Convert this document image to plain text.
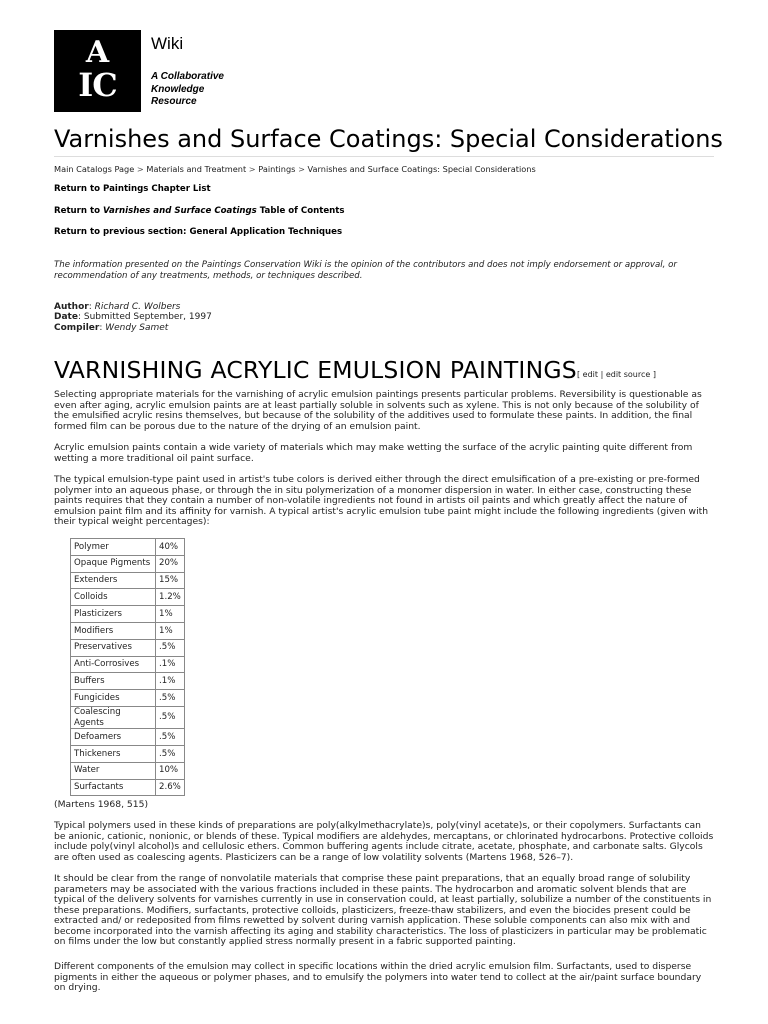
A
IC
Wiki
A Collaborative
Knowledge
Resource
Varnishes and Surface Coatings: Special Considerations
Main Catalogs Page > Materials and Treatment > Paintings > Varnishes and Surface Coatings: Special Considerations
Return to Paintings Chapter List
Return to Varnishes and Surface Coatings Table of Contents
Return to previous section: General Application Techniques
The information presented on the Paintings Conservation Wiki is the opinion of the contributors and does not imply endorsement or approval, or recommendation of any treatments, methods, or techniques described.
Author: Richard C. Wolbers
Date: Submitted September, 1997
Compiler: Wendy Samet
VARNISHING ACRYLIC EMULSION PAINTINGS [ edit | edit source ]
Selecting appropriate materials for the varnishing of acrylic emulsion paintings presents particular problems. Reversibility is questionable as even after aging, acrylic emulsion paints are at least partially soluble in solvents such as xylene. This is not only because of the solubility of the emulsified acrylic resins themselves, but because of the solubility of the additives used to formulate these paints. In addition, the final formed film can be porous due to the nature of the drying of an emulsion paint.
Acrylic emulsion paints contain a wide variety of materials which may make wetting the surface of the acrylic painting quite different from wetting a more traditional oil paint surface.
The typical emulsion-type paint used in artist's tube colors is derived either through the direct emulsification of a pre-existing or pre-formed polymer into an aqueous phase, or through the in situ polymerization of a monomer dispersion in water. In either case, constructing these paints requires that they contain a number of non-volatile ingredients not found in artists oil paints and which greatly affect the nature of emulsion paint film and its affinity for varnish. A typical artist's acrylic emulsion tube paint might include the following ingredients (given with their typical weight percentages):
Polymer	40%
Opaque Pigments	20%
Extenders	15%
Colloids	1.2%
Plasticizers	1%
Modifiers	1%
Preservatives	.5%
Anti-Corrosives	.1%
Buffers	.1%
Fungicides	.5%
Coalescing Agents	.5%
Defoamers	.5%
Thickeners	.5%
Water	10%
Surfactants	2.6%
(Martens 1968, 515)
Typical polymers used in these kinds of preparations are poly(alkylmethacrylate)s, poly(vinyl acetate)s, or their copolymers. Surfactants can be anionic, cationic, nonionic, or blends of these. Typical modifiers are aldehydes, mercaptans, or chlorinated hydrocarbons. Protective colloids include poly(vinyl alcohol)s and cellulosic ethers. Common buffering agents include citrate, acetate, phosphate, and carbonate salts. Glycols are often used as coalescing agents. Plasticizers can be a range of low volatility solvents (Martens 1968, 526–7).
It should be clear from the range of nonvolatile materials that comprise these paint preparations, that an equally broad range of solubility parameters may be associated with the various fractions included in these paints. The hydrocarbon and aromatic solvent blends that are typical of the delivery solvents for varnishes currently in use in conservation could, at least partially, solubilize a number of the constituents in these preparations. Modifiers, surfactants, protective colloids, plasticizers, freeze-thaw stabilizers, and even the biocides present could be extracted and/ or redeposited from films rewetted by solvent during varnish application. These soluble components can also mix with and become incorporated into the varnish affecting its aging and stability characteristics. The loss of plasticizers in particular may be problematic on films under the low but constantly applied stress normally present in a fabric supported painting.
Different components of the emulsion may collect in specific locations within the dried acrylic emulsion film. Surfactants, used to disperse pigments in either the aqueous or polymer phases, and to emulsify the polymers into water tend to collect at the air/paint surface boundary on drying.
